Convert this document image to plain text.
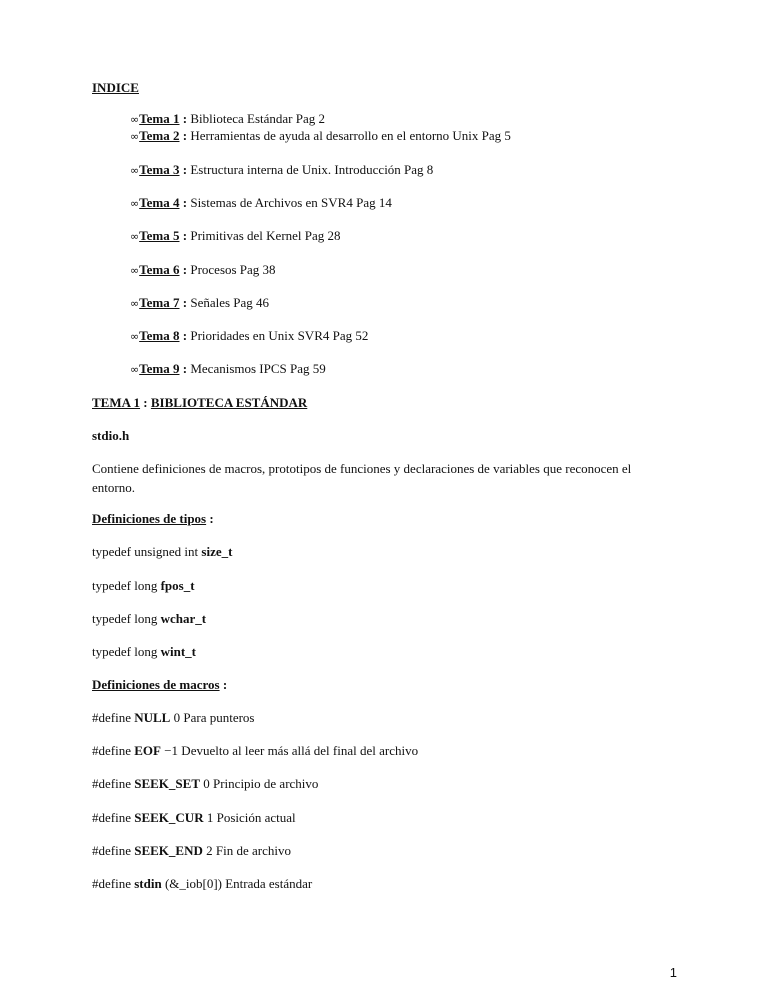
INDICE
∞Tema 1 : Biblioteca Estándar Pag 2
∞Tema 2 : Herramientas de ayuda al desarrollo en el entorno Unix Pag 5
∞Tema 3 : Estructura interna de Unix. Introducción Pag 8
∞Tema 4 : Sistemas de Archivos en SVR4 Pag 14
∞Tema 5 : Primitivas del Kernel Pag 28
∞Tema 6 : Procesos Pag 38
∞Tema 7 : Señales Pag 46
∞Tema 8 : Prioridades en Unix SVR4 Pag 52
∞Tema 9 : Mecanismos IPCS Pag 59
TEMA 1 : BIBLIOTECA ESTÁNDAR
stdio.h
Contiene definiciones de macros, prototipos de funciones y declaraciones de variables que reconocen el entorno.
Definiciones de tipos :
typedef unsigned int size_t
typedef long fpos_t
typedef long wchar_t
typedef long wint_t
Definiciones de macros :
#define NULL 0 Para punteros
#define EOF −1 Devuelto al leer más allá del final del archivo
#define SEEK_SET 0 Principio de archivo
#define SEEK_CUR 1 Posición actual
#define SEEK_END 2 Fin de archivo
#define stdin (&_iob[0]) Entrada estándar
1
